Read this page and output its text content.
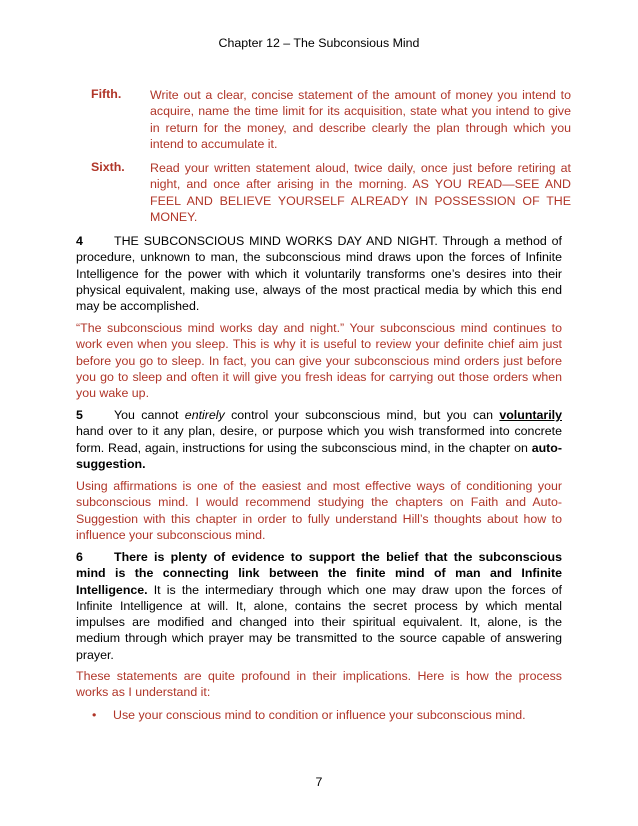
Chapter 12 – The Subconsious Mind
Fifth. Write out a clear, concise statement of the amount of money you intend to acquire, name the time limit for its acquisition, state what you intend to give in return for the money, and describe clearly the plan through which you intend to accumulate it.
Sixth. Read your written statement aloud, twice daily, once just before retiring at night, and once after arising in the morning. AS YOU READ—SEE AND FEEL AND BELIEVE YOURSELF ALREADY IN POSSESSION OF THE MONEY.

4	THE SUBCONSCIOUS MIND WORKS DAY AND NIGHT. Through a method of procedure, unknown to man, the subconscious mind draws upon the forces of Infinite Intelligence for the power with which it voluntarily transforms one’s desires into their physical equivalent, making use, always of the most practical media by which this end may be accomplished.

“The subconscious mind works day and night.” Your subconscious mind continues to work even when you sleep. This is why it is useful to review your definite chief aim just before you go to sleep. In fact, you can give your subconscious mind orders just before you go to sleep and often it will give you fresh ideas for carrying out those orders when you wake up.

5	You cannot entirely control your subconscious mind, but you can voluntarily hand over to it any plan, desire, or purpose which you wish transformed into concrete form. Read, again, instructions for using the subconscious mind, in the chapter on auto-suggestion.

Using affirmations is one of the easiest and most effective ways of conditioning your subconscious mind. I would recommend studying the chapters on Faith and Auto-Suggestion with this chapter in order to fully understand Hill’s thoughts about how to influence your subconscious mind.

6	There is plenty of evidence to support the belief that the subconscious mind is the connecting link between the finite mind of man and Infinite Intelligence. It is the intermediary through which one may draw upon the forces of Infinite Intelligence at will. It, alone, contains the secret process by which mental impulses are modified and changed into their spiritual equivalent. It, alone, is the medium through which prayer may be transmitted to the source capable of answering prayer.

These statements are quite profound in their implications. Here is how the process works as I understand it:

• Use your conscious mind to condition or influence your subconscious mind.
7
